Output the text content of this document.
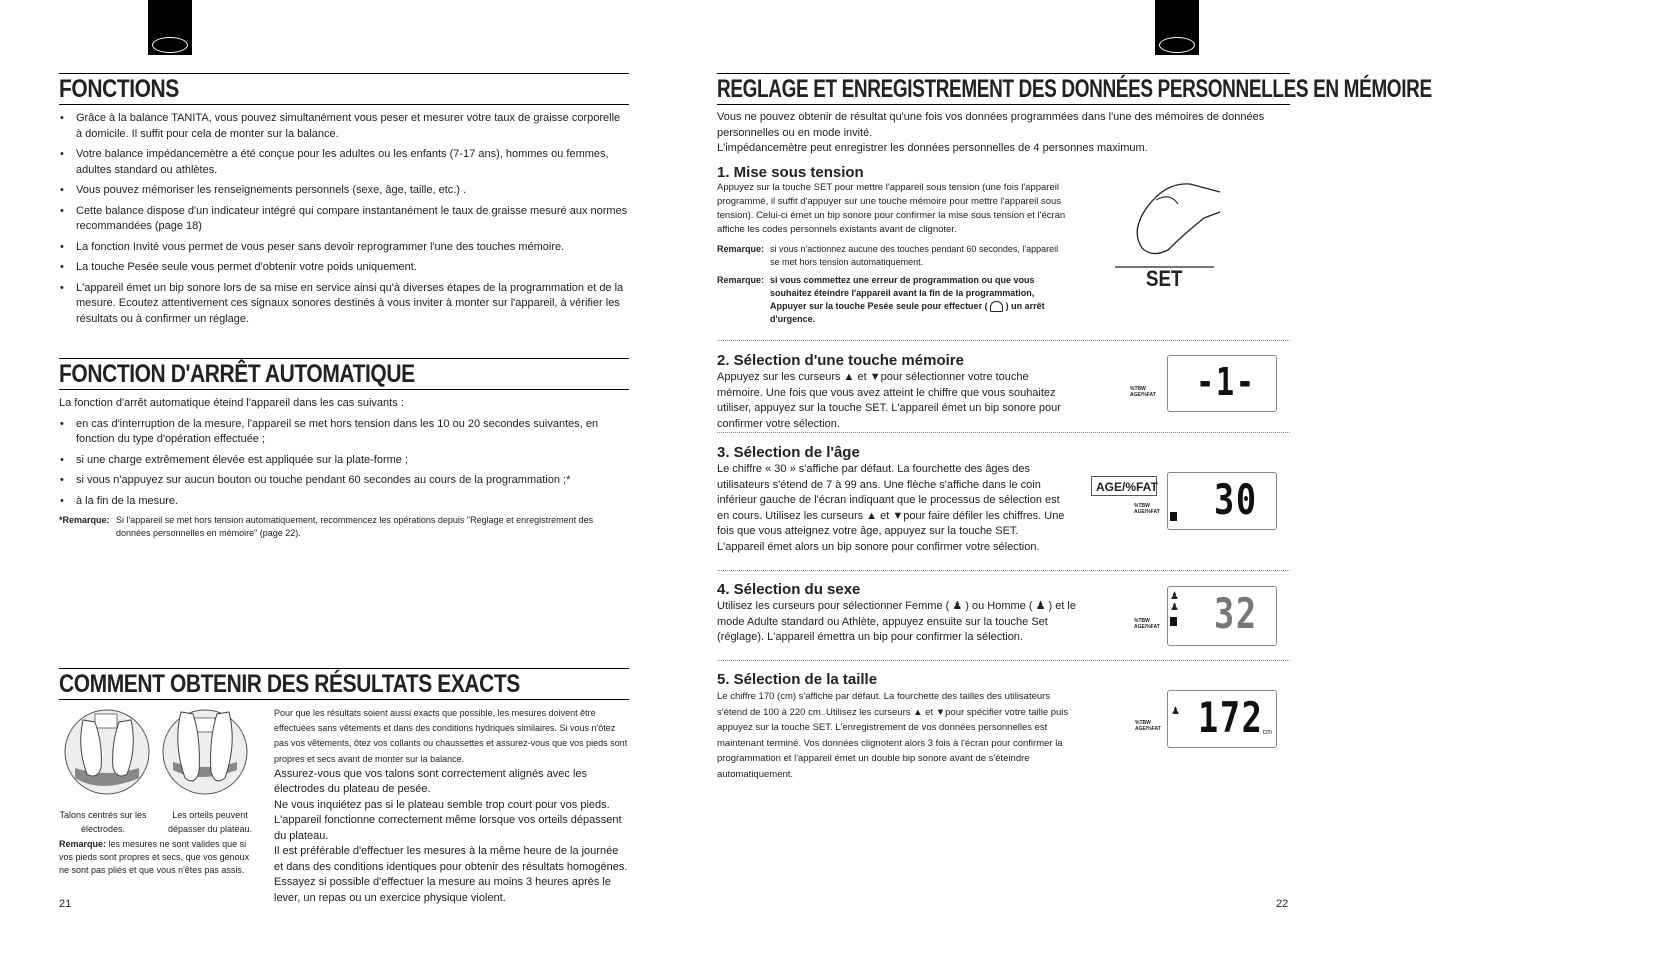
FONCTIONS
• Grâce à la balance TANITA, vous pouvez simultanément vous peser et mesurer votre taux de graisse corporelle à domicile. Il suffit pour cela de monter sur la balance.
• Votre balance impédancemètre a été conçue pour les adultes ou les enfants (7-17 ans), hommes ou femmes, adultes standard ou athlètes.
• Vous pouvez mémoriser les renseignements personnels (sexe, âge, taille, etc.) .
• Cette balance dispose d'un indicateur intégré qui compare instantanément le taux de graisse mesuré aux normes recommandées (page 18)
• La fonction Invité vous permet de vous peser sans devoir reprogrammer l'une des touches mémoire.
• La touche Pesée seule vous permet d'obtenir votre poids uniquement.
• L'appareil émet un bip sonore lors de sa mise en service ainsi qu'à diverses étapes de la programmation et de la mesure. Ecoutez attentivement ces signaux sonores destinés à vous inviter à monter sur l'appareil, à vérifier les résultats ou à confirmer un réglage.
FONCTION D'ARRÊT AUTOMATIQUE

La fonction d'arrêt automatique éteind l'appareil dans les cas suivants :

• en cas d'interruption de la mesure, l'appareil se met hors tension dans les 10 ou 20 secondes suivantes, en fonction du type d'opération effectuée ;
• si une charge extrêmement élevée est appliquée sur la plate-forme ;
• si vous n'appuyez sur aucun bouton ou touche pendant 60 secondes au cours de la programmation ;*
• à la fin de la mesure.
*Remarque: Si l'appareil se met hors tension automatiquement, recommencez les opérations depuis "Reglage et enregistrement des données personnelles en mémoire" (page 22).
COMMENT OBTENIR DES RÉSULTATS EXACTS
Talons centrés sur les électrodes.
Les orteils peuvent dépasser du plateau.
Remarque: les mesures ne sont valides que si vos pieds sont propres et secs, que vos genoux ne sont pas pliés et que vous n'êtes pas assis.

Pour que les résultats soient aussi exacts que possible, les mesures doivent être effectuées sans vêtements et dans des conditions hydriques similaires. Si vous n'ôtez pas vos vêtements, ôtez vos collants ou chaussettes et assurez-vous que vos pieds sont propres et secs avant de monter sur la balance.

Assurez-vous que vos talons sont correctement alignés avec les électrodes du plateau de pesée.

Ne vous inquiétez pas si le plateau semble trop court pour vos pieds. L'appareil fonctionne correctement même lorsque vos orteils dépassent du plateau.

Il est préférable d'effectuer les mesures à la même heure de la journée et dans des conditions identiques pour obtenir des résultats homogènes.

Essayez si possible d'effectuer la mesure au moins 3 heures après le lever, un repas ou un exercice physique violent.

21
REGLAGE ET ENREGISTREMENT DES DONNÉES PERSONNELLES EN MÉMOIRE

Vous ne pouvez obtenir de résultat qu'une fois vos données programmées dans l'une des mémoires de données personnelles ou en mode invité.

L'impédancemètre peut enregistrer les données personnelles de 4 personnes maximum.

1. Mise sous tension
Appuyez sur la touche SET pour mettre l'appareil sous tension (une fois l'appareil programmé, il suffit d'appuyer sur une touche mémoire pour mettre l'appareil sous tension). Celui-ci émet un bip sonore pour confirmer la mise sous tension et l'écran affiche les codes personnels existants avant de clignoter.
Remarque: si vous n'actionnez aucune des touches pendant 60 secondes, l'appareil se met hors tension automatiquement.
Remarque: si vous commettez une erreur de programmation ou que vous souhaitez éteindre l'appareil avant la fin de la programmation, Appuyer sur la touche Pesée seule pour effectuer ( ) un arrêt d'urgence.
SET
2. Sélection d'une touche mémoire
Appuyez sur les curseurs ▲ et ▼pour sélectionner votre touche mémoire. Une fois que vous avez atteint le chiffre que vous souhaitez utiliser, appuyez sur la touche SET. L'appareil émet un bip sonore pour confirmer votre sélection.
%TBW
AGE/%FAT -1-
3. Sélection de l'âge
Le chiffre « 30 » s'affiche par défaut. La fourchette des âges des utilisateurs s'étend de 7 à 99 ans. Une flèche s'affiche dans le coin inférieur gauche de l'écran indiquant que le processus de sélection est en cours. Utilisez les curseurs ▲ et ▼pour faire défiler les chiffres. Une fois que vous atteignez votre âge, appuyez sur la touche SET. L'appareil émet alors un bip sonore pour confirmer votre sélection.
AGE/%FAT
%TBW
AGE/%FAT 30
4. Sélection du sexe
Utilisez les curseurs pour sélectionner Femme ( ♟ ) ou Homme ( ♟ ) et le mode Adulte standard ou Athlète, appuyez ensuite sur la touche Set (réglage). L'appareil émettra un bip pour confirmer la sélection.
%TBW
AGE/%FAT
♟
♟ 32
5. Sélection de la taille
Le chiffre 170 (cm) s'affiche par défaut. La fourchette des tailles des utilisateurs s'étend de 100 à 220 cm. Utilisez les curseurs ▲ et ▼pour spécifier votre taille puis appuyez sur la touche SET. L'enregistrement de vos données personnelles est maintenant terminé. Vos données clignotent alors 3 fois à l'écran pour confirmer la programmation et l'appareil émet un double bip sonore avant de s'éteindre automatiquement.
%TBW
AGE/%FAT
♟ 172 cm
22
